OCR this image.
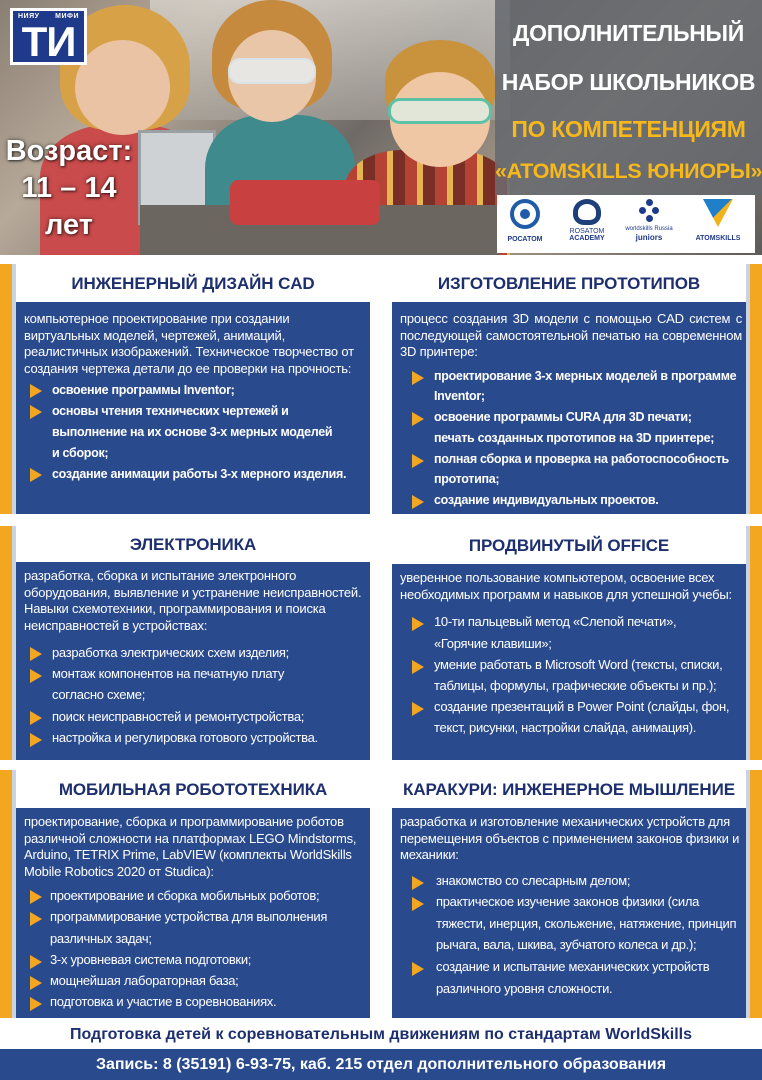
НИЯУ МИФИ
ТИ
Возраст:
11 – 14
лет
ДОПОЛНИТЕЛЬНЫЙ
НАБОР ШКОЛЬНИКОВ
ПО КОМПЕТЕНЦИЯМ
«ATOMSKILLS ЮНИОРЫ»
РОСАТОМ
ROSATOM
ACADEMY
worldskills Russia
juniors	ATOMSKILLS
ИНЖЕНЕРНЫЙ ДИЗАЙН CAD
компьютерное проектирование при создании виртуальных моделей, чертежей, анимаций, реалистичных изображений. Техническое творчество от создания чертежа детали до ее проверки на прочность:
освоение программы Inventor;
основы чтения технических чертежей и
выполнение на их основе 3-х мерных моделей
и сборок;
создание анимации работы 3-х мерного изделия.
ИЗГОТОВЛЕНИЕ ПРОТОТИПОВ
процесс создания 3D модели с помощью CAD систем с последующей самостоятельной печатью на современном 3D принтере:
проектирование 3-х мерных моделей в программе
Inventor;
освоение программы CURA для 3D печати;
печать созданных прототипов на 3D принтере;
полная сборка и проверка на работоспособность
прототипа;
создание индивидуальных проектов.
ЭЛЕКТРОНИКА
разработка, сборка и испытание электронного оборудования, выявление и устранение неисправностей. Навыки схемотехники, программирования и поиска неисправностей в устройствах:
разработка электрических схем изделия;
монтаж компонентов на печатную плату
согласно схеме;
поиск неисправностей и ремонтустройства;
настройка и регулировка готового устройства.
ПРОДВИНУТЫЙ OFFICE
уверенное пользование компьютером, освоение всех необходимых программ и навыков для успешной учебы:
10-ти пальцевый метод «Слепой печати»,
«Горячие клавиши»;
умение работать в Microsoft Word (тексты, списки,
таблицы, формулы, графические объекты и пр.);
создание презентаций в Power Point (слайды, фон,
текст, рисунки, настройки слайда, анимация).
МОБИЛЬНАЯ РОБОТОТЕХНИКА
проектирование, сборка и программирование роботов различной сложности на платформах LEGO Mindstorms, Arduino, TETRIX Prime, LabVIEW (комплекты WorldSkills Mobile Robotics 2020 от Studica):
проектирование и сборка мобильных роботов;
программирование устройства для выполнения
различных задач;
3-х уровневая система подготовки;
мощнейшая лабораторная база;
подготовка и участие в соревнованиях.
КАРАКУРИ: ИНЖЕНЕРНОЕ МЫШЛЕНИЕ
разработка и изготовление механических устройств для перемещения объектов с применением законов физики и механики:
знакомство со слесарным делом;
практическое изучение законов физики (сила
тяжести, инерция, скольжение, натяжение, принцип
рычага, вала, шкива, зубчатого колеса и др.);
создание и испытание механических устройств
различного уровня сложности.
Подготовка детей к соревновательным движениям по стандартам WorldSkills
Запись: 8 (35191) 6-93-75, каб. 215 отдел дополнительного образования
